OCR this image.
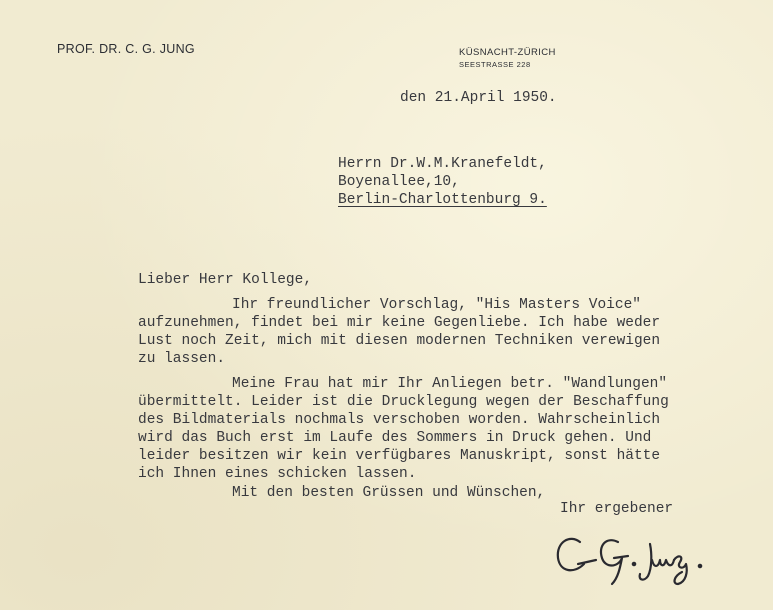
PROF. DR. C. G. JUNG	KÜSNACHT-ZÜRICH
SEESTRASSE 228
den 21.April 1950.
Herrn Dr.W.M.Kranefeldt,
Boyenallee,10,
Berlin-Charlottenburg 9.
Lieber Herr Kollege,
Ihr freundlicher Vorschlag, "His Masters Voice"
aufzunehmen, findet bei mir keine Gegenliebe. Ich habe weder
Lust noch Zeit, mich mit diesen modernen Techniken verewigen
zu lassen.
Meine Frau hat mir Ihr Anliegen betr. "Wandlungen"
übermittelt. Leider ist die Drucklegung wegen der Beschaffung
des Bildmaterials nochmals verschoben worden. Wahrscheinlich
wird das Buch erst im Laufe des Sommers in Druck gehen. Und
leider besitzen wir kein verfügbares Manuskript, sonst hätte
ich Ihnen eines schicken lassen.
Mit den besten Grüssen und Wünschen,
Ihr ergebener
